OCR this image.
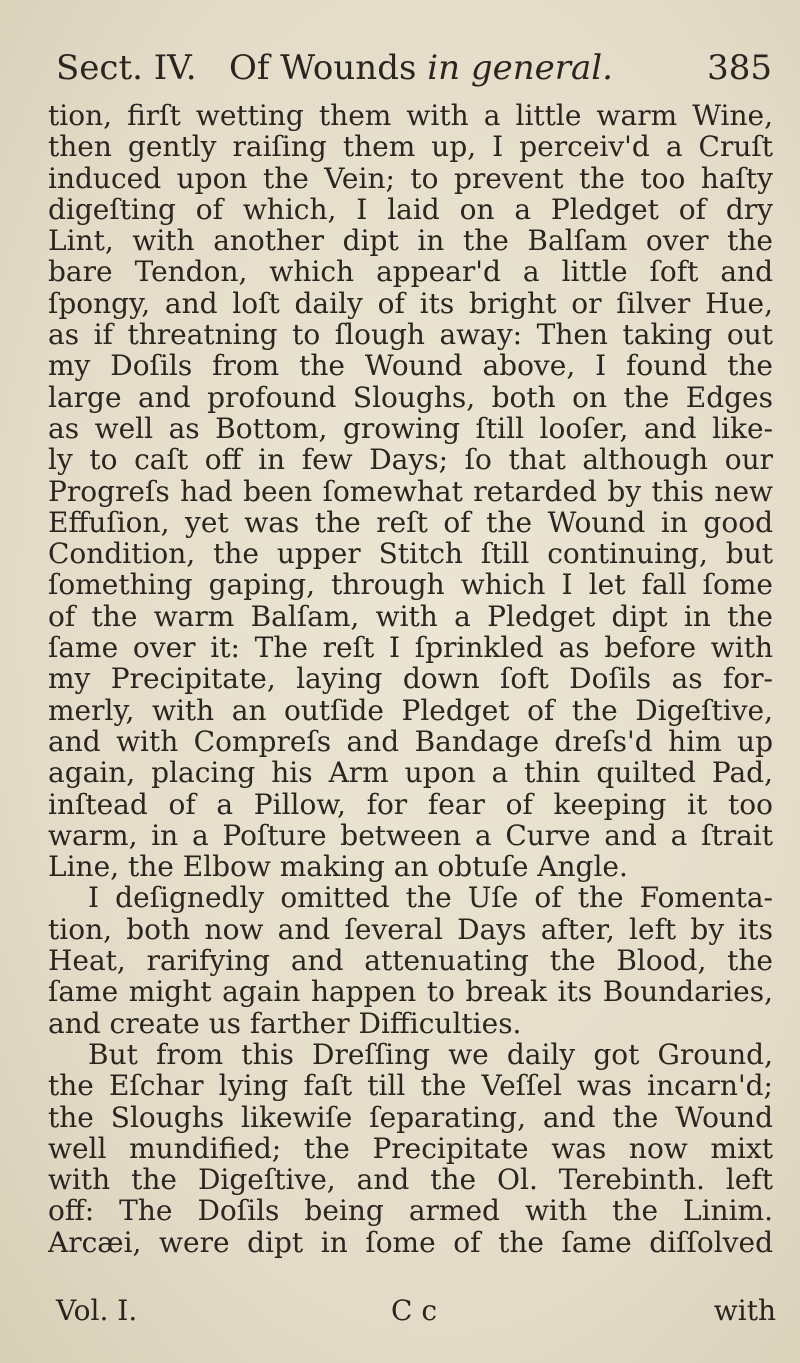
Sect. IV. Of Wounds in general.	385
tion, firſt wetting them with a little warm Wine,
then gently raiſing them up, I perceiv'd a Cruſt
induced upon the Vein; to prevent the too haſty
digeſting of which, I laid on a Pledget of dry
Lint, with another dipt in the Balſam over the
bare Tendon, which appear'd a little ſoft and
ſpongy, and loſt daily of its bright or ſilver Hue,
as if threatning to ſlough away: Then taking out
my Doſils from the Wound above, I found the
large and profound Sloughs, both on the Edges
as well as Bottom, growing ſtill looſer, and like-
ly to caſt off in few Days; ſo that although our
Progreſs had been ſomewhat retarded by this new
Effuſion, yet was the reſt of the Wound in good
Condition, the upper Stitch ſtill continuing, but
ſomething gaping, through which I let fall ſome
of the warm Balſam, with a Pledget dipt in the
ſame over it: The reſt I ſprinkled as before with
my Precipitate, laying down ſoft Doſils as for-
merly, with an outſide Pledget of the Digeſtive,
and with Compreſs and Bandage dreſs'd him up
again, placing his Arm upon a thin quilted Pad,
inſtead of a Pillow, for fear of keeping it too
warm, in a Poſture between a Curve and a ſtrait
Line, the Elbow making an obtuſe Angle.
I deſignedly omitted the Uſe of the Fomenta-
tion, both now and ſeveral Days after, left by its
Heat, rarifying and attenuating the Blood, the
ſame might again happen to break its Boundaries,
and create us farther Difficulties.
But from this Dreſſing we daily got Ground,
the Eſchar lying faſt till the Veſſel was incarn'd;
the Sloughs likewiſe ſeparating, and the Wound
well mundified; the Precipitate was now mixt
with the Digeſtive, and the Ol. Terebinth. left
off: The Doſils being armed with the Linim.
Arcæi, were dipt in ſome of the ſame diſſolved
Vol. I.	C c	with
